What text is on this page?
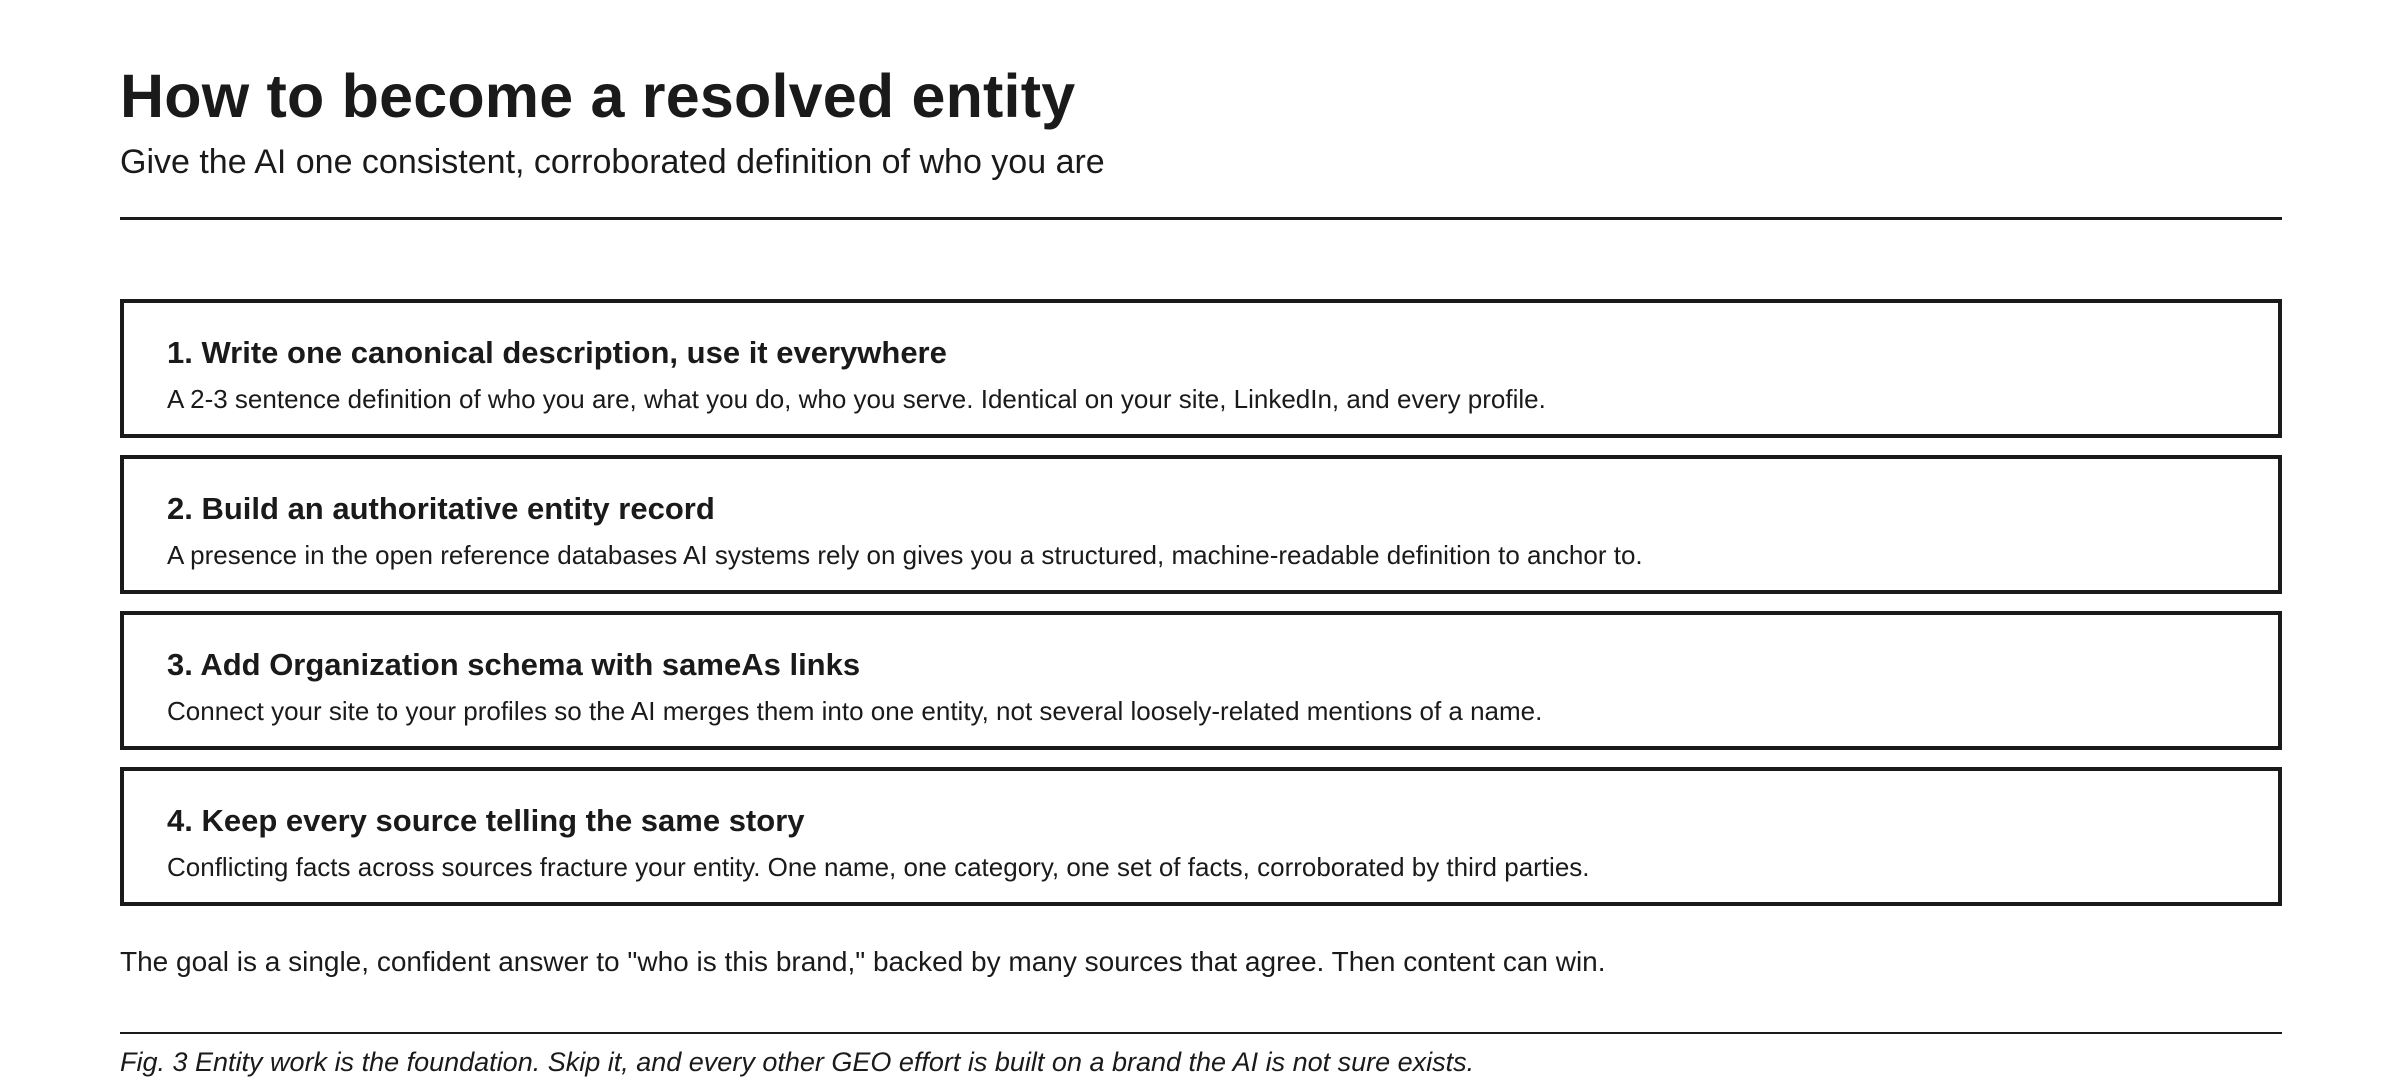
How to become a resolved entity

Give the AI one consistent, corroborated definition of who you are

1. Write one canonical description, use it everywhere

A 2-3 sentence definition of who you are, what you do, who you serve. Identical on your site, LinkedIn, and every profile.

2. Build an authoritative entity record

A presence in the open reference databases AI systems rely on gives you a structured, machine-readable definition to anchor to.

3. Add Organization schema with sameAs links

Connect your site to your profiles so the AI merges them into one entity, not several loosely-related mentions of a name.

4. Keep every source telling the same story

Conflicting facts across sources fracture your entity. One name, one category, one set of facts, corroborated by third parties.

The goal is a single, confident answer to "who is this brand," backed by many sources that agree. Then content can win.

Fig. 3 Entity work is the foundation. Skip it, and every other GEO effort is built on a brand the AI is not sure exists.
